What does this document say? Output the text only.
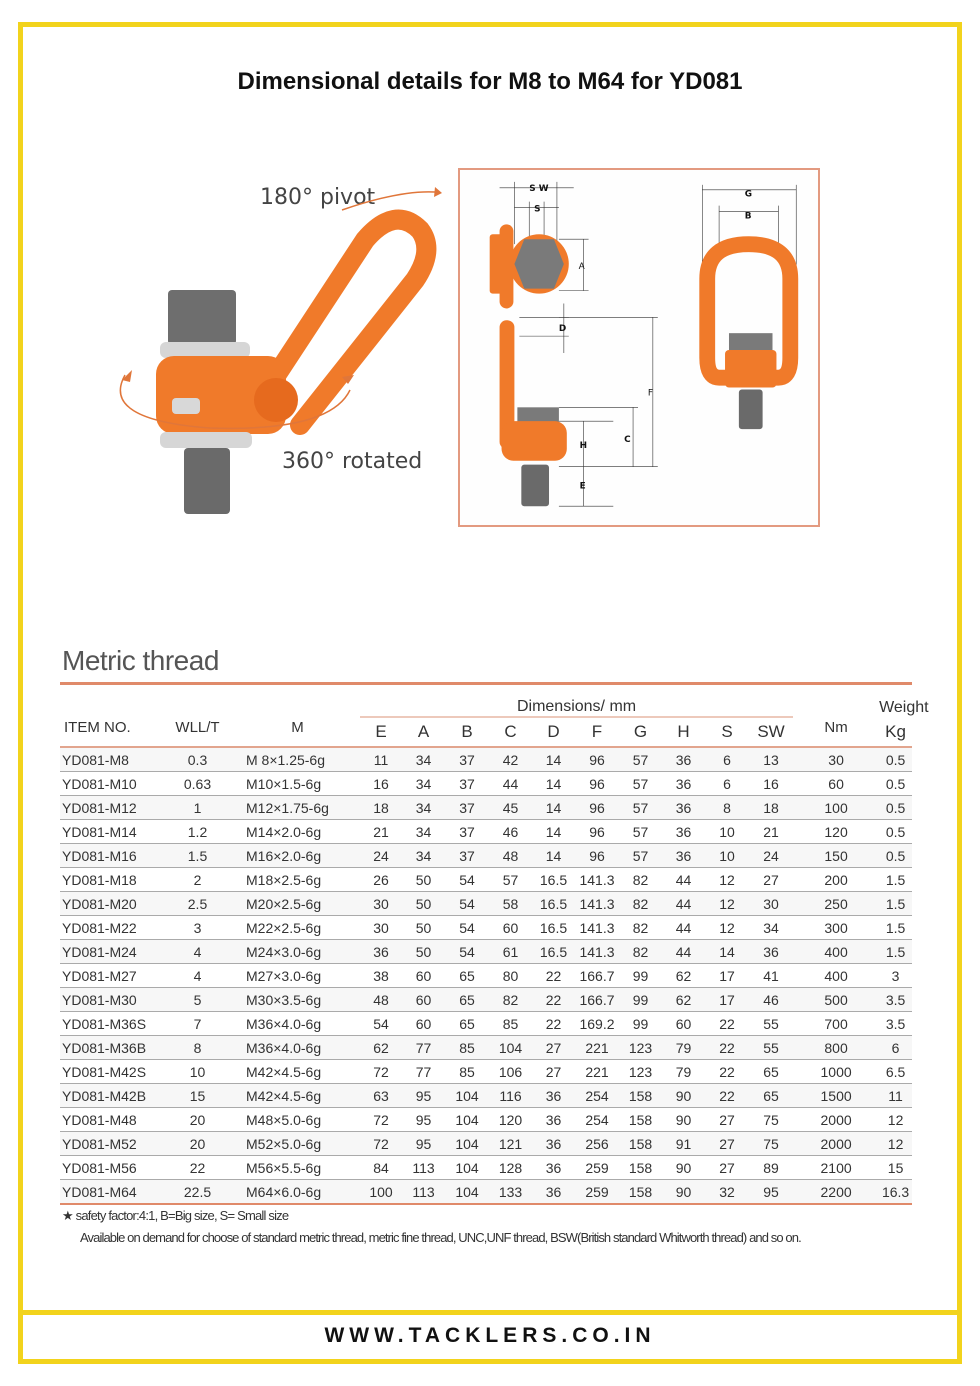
Dimensional details for M8 to M64 for YD081
180° pivot
360° rotated
S W
S
A
D
F
C
H
E
G
B
Metric thread
			Dimensions/ mm											Weight
ITEM NO.	WLL/T	M	E	A	B	C	D	F	G	H	S	SW	Nm	Kg
YD081-M8	0.3	M 8×1.25-6g	11	34	37	42	14	96	57	36	6	13	30	0.5
YD081-M10	0.63	M10×1.5-6g	16	34	37	44	14	96	57	36	6	16	60	0.5
YD081-M12	1	M12×1.75-6g	18	34	37	45	14	96	57	36	8	18	100	0.5
YD081-M14	1.2	M14×2.0-6g	21	34	37	46	14	96	57	36	10	21	120	0.5
YD081-M16	1.5	M16×2.0-6g	24	34	37	48	14	96	57	36	10	24	150	0.5
YD081-M18	2	M18×2.5-6g	26	50	54	57	16.5	141.3	82	44	12	27	200	1.5
YD081-M20	2.5	M20×2.5-6g	30	50	54	58	16.5	141.3	82	44	12	30	250	1.5
YD081-M22	3	M22×2.5-6g	30	50	54	60	16.5	141.3	82	44	12	34	300	1.5
YD081-M24	4	M24×3.0-6g	36	50	54	61	16.5	141.3	82	44	14	36	400	1.5
YD081-M27	4	M27×3.0-6g	38	60	65	80	22	166.7	99	62	17	41	400	3
YD081-M30	5	M30×3.5-6g	48	60	65	82	22	166.7	99	62	17	46	500	3.5
YD081-M36S	7	M36×4.0-6g	54	60	65	85	22	169.2	99	60	22	55	700	3.5
YD081-M36B	8	M36×4.0-6g	62	77	85	104	27	221	123	79	22	55	800	6
YD081-M42S	10	M42×4.5-6g	72	77	85	106	27	221	123	79	22	65	1000	6.5
YD081-M42B	15	M42×4.5-6g	63	95	104	116	36	254	158	90	22	65	1500	11
YD081-M48	20	M48×5.0-6g	72	95	104	120	36	254	158	90	27	75	2000	12
YD081-M52	20	M52×5.0-6g	72	95	104	121	36	256	158	91	27	75	2000	12
YD081-M56	22	M56×5.5-6g	84	113	104	128	36	259	158	90	27	89	2100	15
YD081-M64	22.5	M64×6.0-6g	100	113	104	133	36	259	158	90	32	95	2200	16.3
★ safety factor:4:1, B=Big size, S= Small size
Available on demand for choose of standard metric thread, metric fine thread, UNC,UNF thread, BSW(British standard Whitworth thread) and so on.
WWW.TACKLERS.CO.IN
